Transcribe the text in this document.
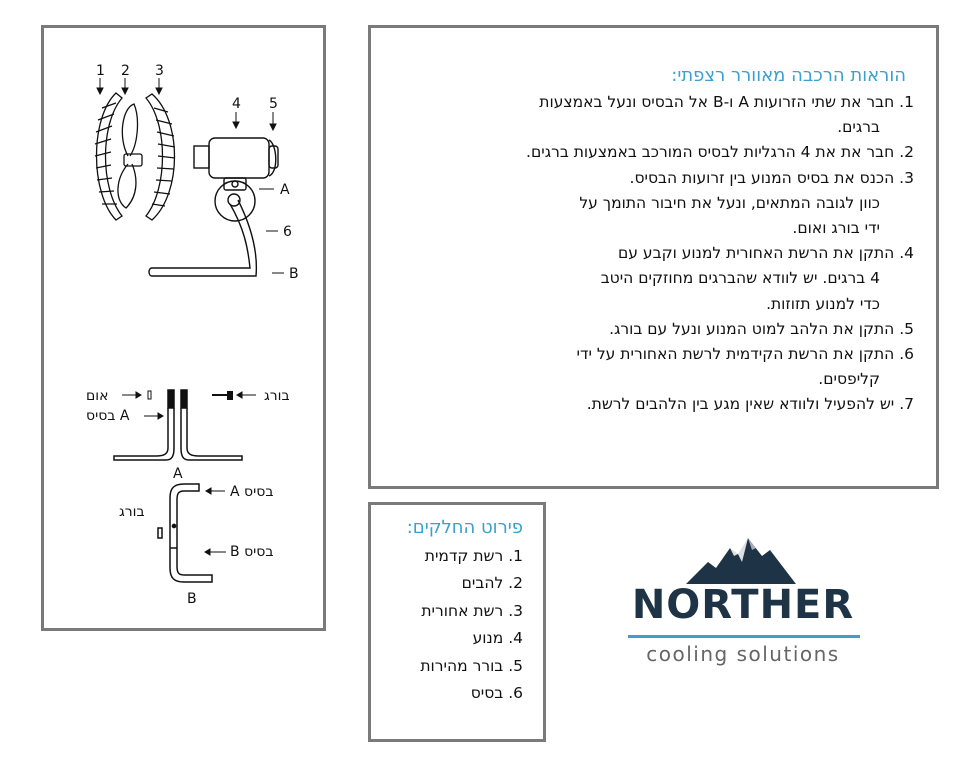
1 2 3
4 5
A
6
B
אום	בורג
בסיס A
A
A בסיס
בורג
B בסיס
B
הוראות הרכבה מאוורר רצפתי:
1. חבר את שתי הזרועות A ו-B אל הבסיס ונעל באמצעות
ברגים.
2. חבר את את 4 הרגליות לבסיס המורכב באמצעות ברגים.
3. הכנס את בסיס המנוע בין זרועות הבסיס.
כוון לגובה המתאים, ונעל את חיבור התומך על
ידי בורג ואום.
4. התקן את הרשת האחורית למנוע וקבע עם
4 ברגים. יש לוודא שהברגים מחוזקים היטב
כדי למנוע תזוזות.
5. התקן את הלהב למוט המנוע ונעל עם בורג.
6. התקן את הרשת הקידמית לרשת האחורית על ידי
קליפסים.
7. יש להפעיל ולוודא שאין מגע בין הלהבים לרשת.
פירוט החלקים:
1. רשת קדמית
2. להבים
3. רשת אחורית
4. מנוע
5. בורר מהירות
6. בסיס
NORTHER
cooling solutions
